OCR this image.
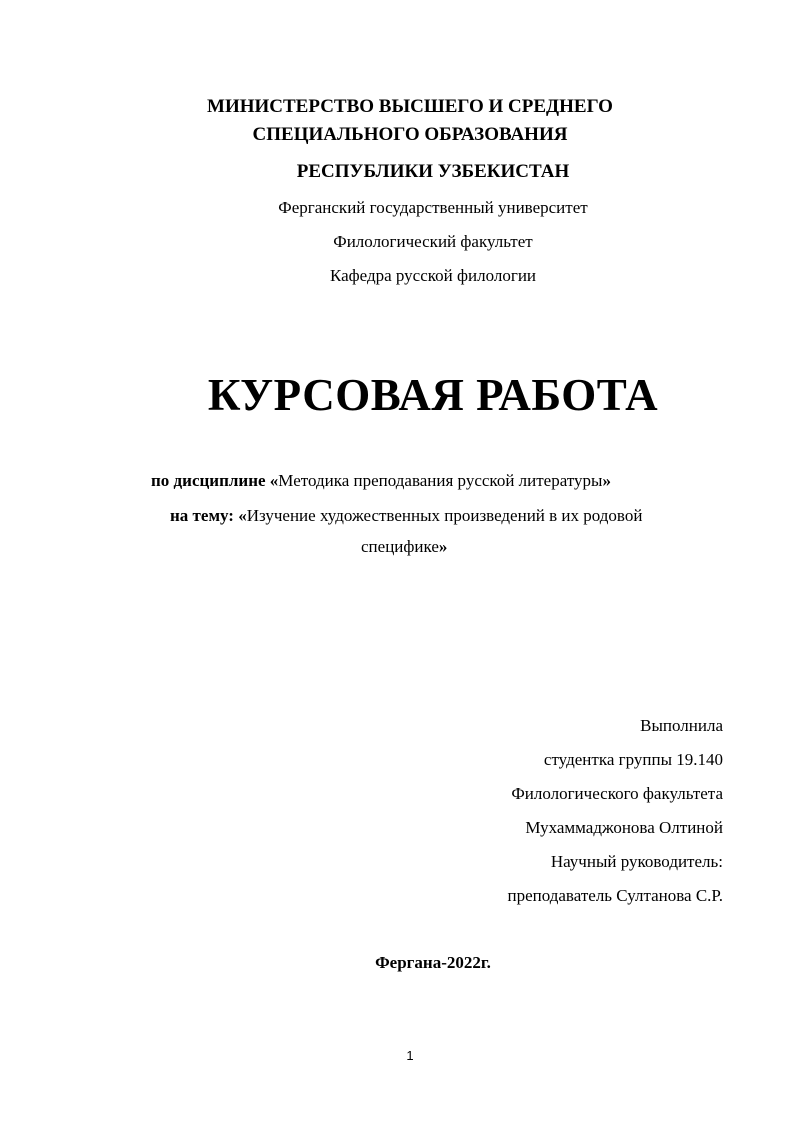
МИНИСТЕРСТВО ВЫСШЕГО И СРЕДНЕГО
СПЕЦИАЛЬНОГО ОБРАЗОВАНИЯ
РЕСПУБЛИКИ УЗБЕКИСТАН
Ферганский государственный университет
Филологический факультет
Кафедра русской филологии
КУРСОВАЯ РАБОТА
по дисциплине «Методика преподавания русской литературы»
на тему: «Изучение художественных произведений в их родовой
специфике»
Выполнила
студентка группы 19.140
Филологического факультета
Мухаммаджонова Олтиной
Научный руководитель:
преподаватель Султанова С.Р.
Фергана-2022г.
1
